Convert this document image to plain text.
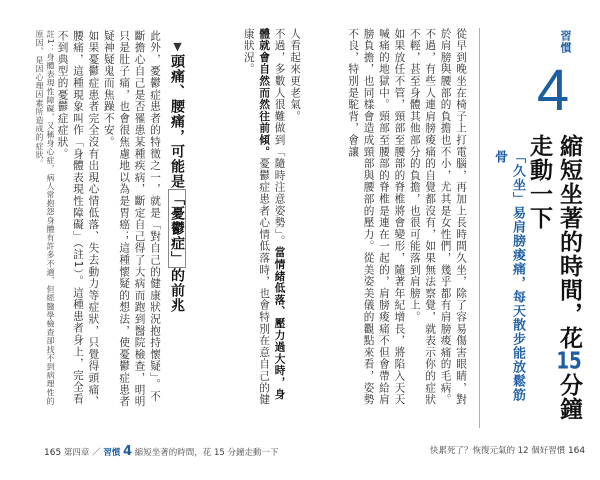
習慣
4
縮短坐著的時間，花15分鐘走動一下
「久坐」易肩膀痠痛，每天散步能放鬆筋骨
從早到晚坐在椅子上打電腦，再加上長時間久坐，除了容易傷害眼睛，對於肩膀與腰部的負擔也不小，尤其是女性們，幾乎都有肩膀痠痛的毛病。不過，有些人連肩膀痠痛的自覺都沒有，如果無法察覺，就表示你的症狀不輕，甚至身體其他部分的負擔，也很可能落到肩膀上。
如果放任不管，頸部至腰部的脊椎將會變形，隨著年紀增長，將陷入天天喊痛的地獄中。頸部至腰部的脊椎是連在一起的，肩膀痠痛不但會帶給肩膀負擔，也同樣會造成頸部與腰部的壓力。從美姿美儀的觀點來看，姿勢不良，特別是駝背，會讓
快累死了？恢復元氣的 12 個好習慣 164
人看起來更老氣。
不過，多數人很難做到「隨時注意姿勢」。當情緒低落、壓力過大時，身體就會自然而然往前傾。憂鬱症患者心情低落時，也會特別在意自己的健康狀況。
▼頭痛、腰痛，可能是「憂鬱症」的前兆
此外，憂鬱症患者的特徵之一，就是「對自己的健康狀況抱持懷疑」。不斷擔心自己是否罹患某種疾病，斷定自己得了大病而跑到醫院檢查，明明只是肚子痛，也會很焦慮地以為是胃癌；這種懷疑的想法，使憂鬱症患者疑神疑鬼而焦躁不安。
如果憂鬱症患者完全沒有出現心情低落、失去動力等症狀，只覺得頭痛、腰痛，這種現象叫作「身體表現性障礙」（註1）。這種患者身上，完全看不到典型的憂鬱症症狀。
註1：身體表現性障礙，又稱身心症，病人常抱怨身體有許多不適，但經醫學檢查卻找不到病理性的原因，是因心理因素所造成的症狀。
165 第四章 ／ 習慣 4 縮短坐著的時間，花 15 分鐘走動一下
